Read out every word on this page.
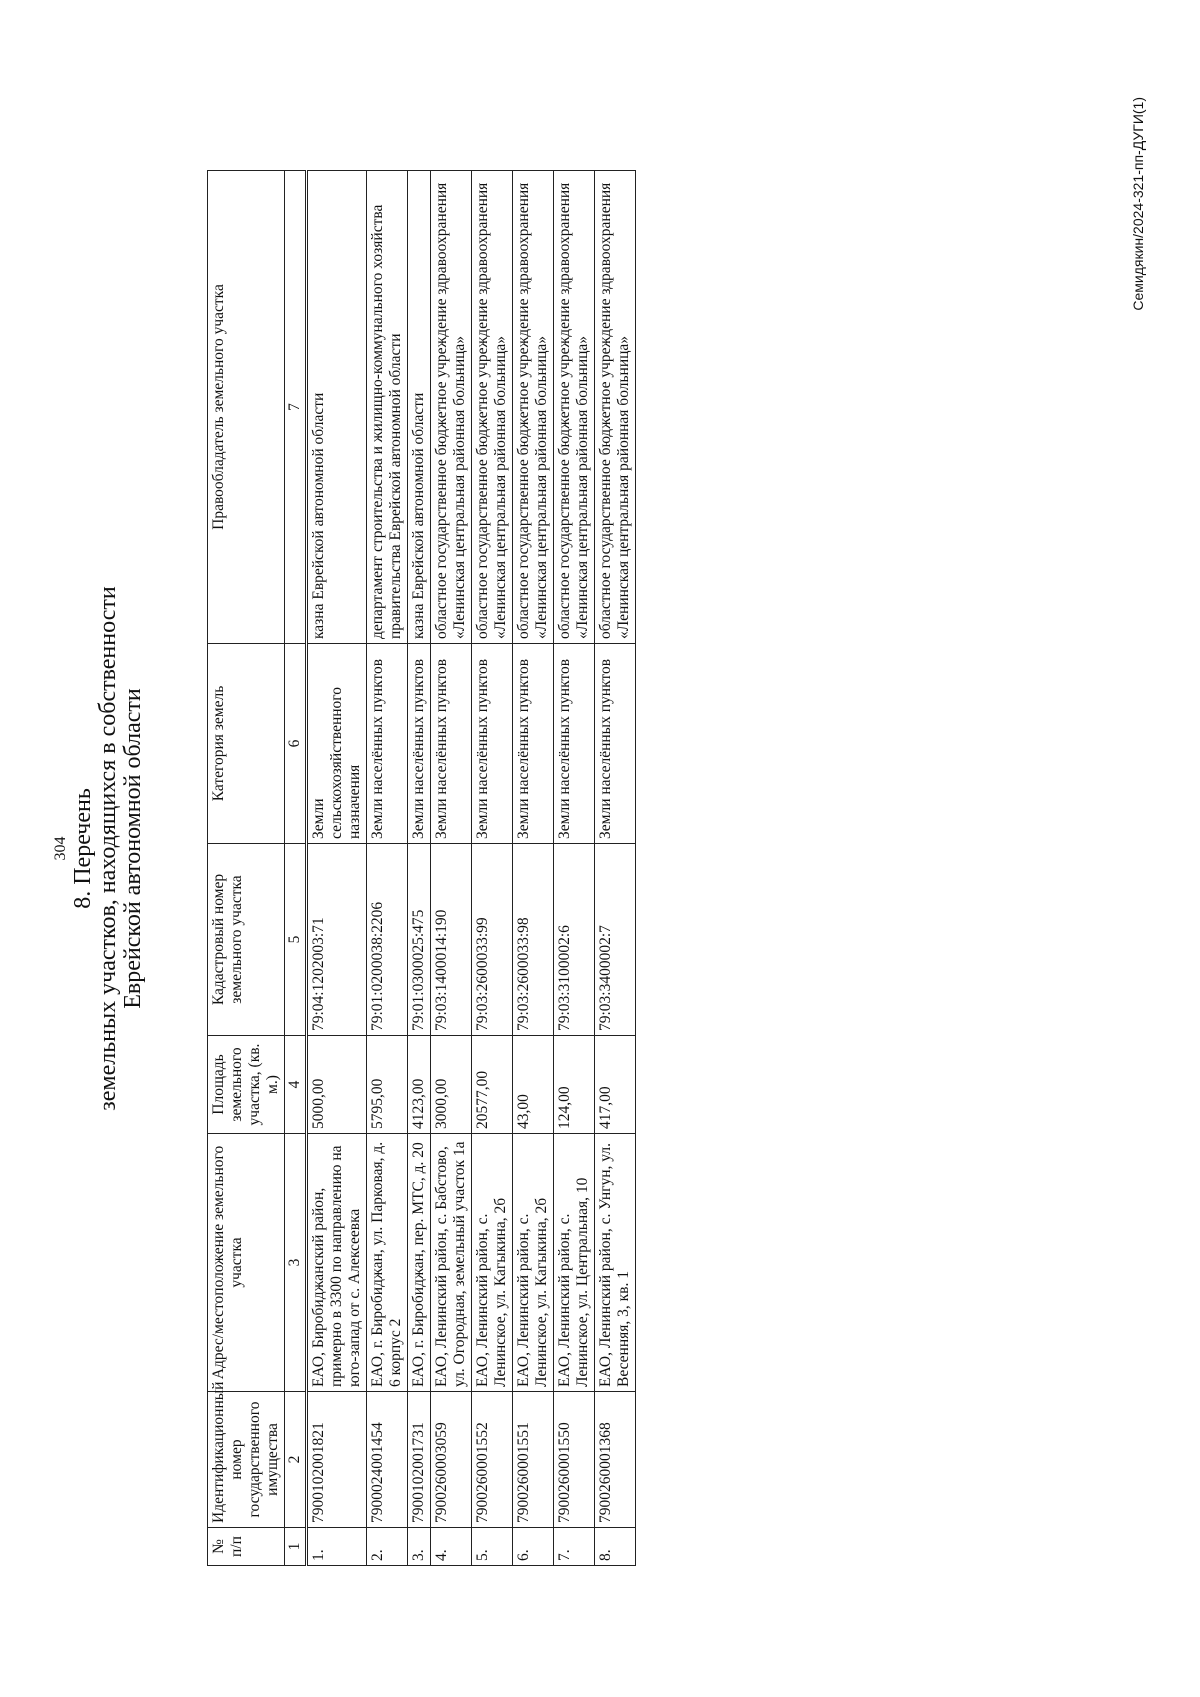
304 8. Перечень земельных участков, находящихся в собственности Еврейской автономной области
№ п/п	Идентификационный номер государственного имущества	Адрес/местоположение земельного участка	Площадь земельного участка, (кв. м.)	Кадастровый номер земельного участка	Категория земель	Правообладатель земельного участка
1	2	3	4	5	6	7
1.	7900102001821	ЕАО, Биробиджанский район, примерно в 3300 по направлению на юго-запад от с. Алексеевка	5000,00	79:04:1202003:71	Земли сельскохозяйственного назначения	казна Еврейской автономной области
2.	7900024001454	ЕАО, г. Биробиджан, ул. Парковая, д. 6 корпус 2	5795,00	79:01:0200038:2206	Земли населённых пунктов	департамент строительства и жилищно-коммунального хозяйства правительства Еврейской автономной области
3.	7900102001731	ЕАО, г. Биробиджан, пер. МТС, д. 20	4123,00	79:01:0300025:475	Земли населённых пунктов	казна Еврейской автономной области
4.	7900260003059	ЕАО, Ленинский район, с. Бабстово, ул. Огородная, земельный участок 1а	3000,00	79:03:1400014:190	Земли населённых пунктов	областное государственное бюджетное учреждение здравоохранения «Ленинская центральная районная больница»
5.	7900260001552	ЕАО, Ленинский район, с. Ленинское, ул. Кагыкина, 2б	20577,00	79:03:2600033:99	Земли населённых пунктов	областное государственное бюджетное учреждение здравоохранения «Ленинская центральная районная больница»
6.	7900260001551	ЕАО, Ленинский район, с. Ленинское, ул. Кагыкина, 2б	43,00	79:03:2600033:98	Земли населённых пунктов	областное государственное бюджетное учреждение здравоохранения «Ленинская центральная районная больница»
7.	7900260001550	ЕАО, Ленинский район, с. Ленинское, ул. Центральная, 10	124,00	79:03:3100002:6	Земли населённых пунктов	областное государственное бюджетное учреждение здравоохранения «Ленинская центральная районная больница»
8.	7900260001368	ЕАО, Ленинский район, с. Унгун, ул. Весенняя, 3, кв. 1	417,00	79:03:3400002:7	Земли населённых пунктов	областное государственное бюджетное учреждение здравоохранения «Ленинская центральная районная больница»
Семидякин/2024-321-пп-ДУГИ(1)
